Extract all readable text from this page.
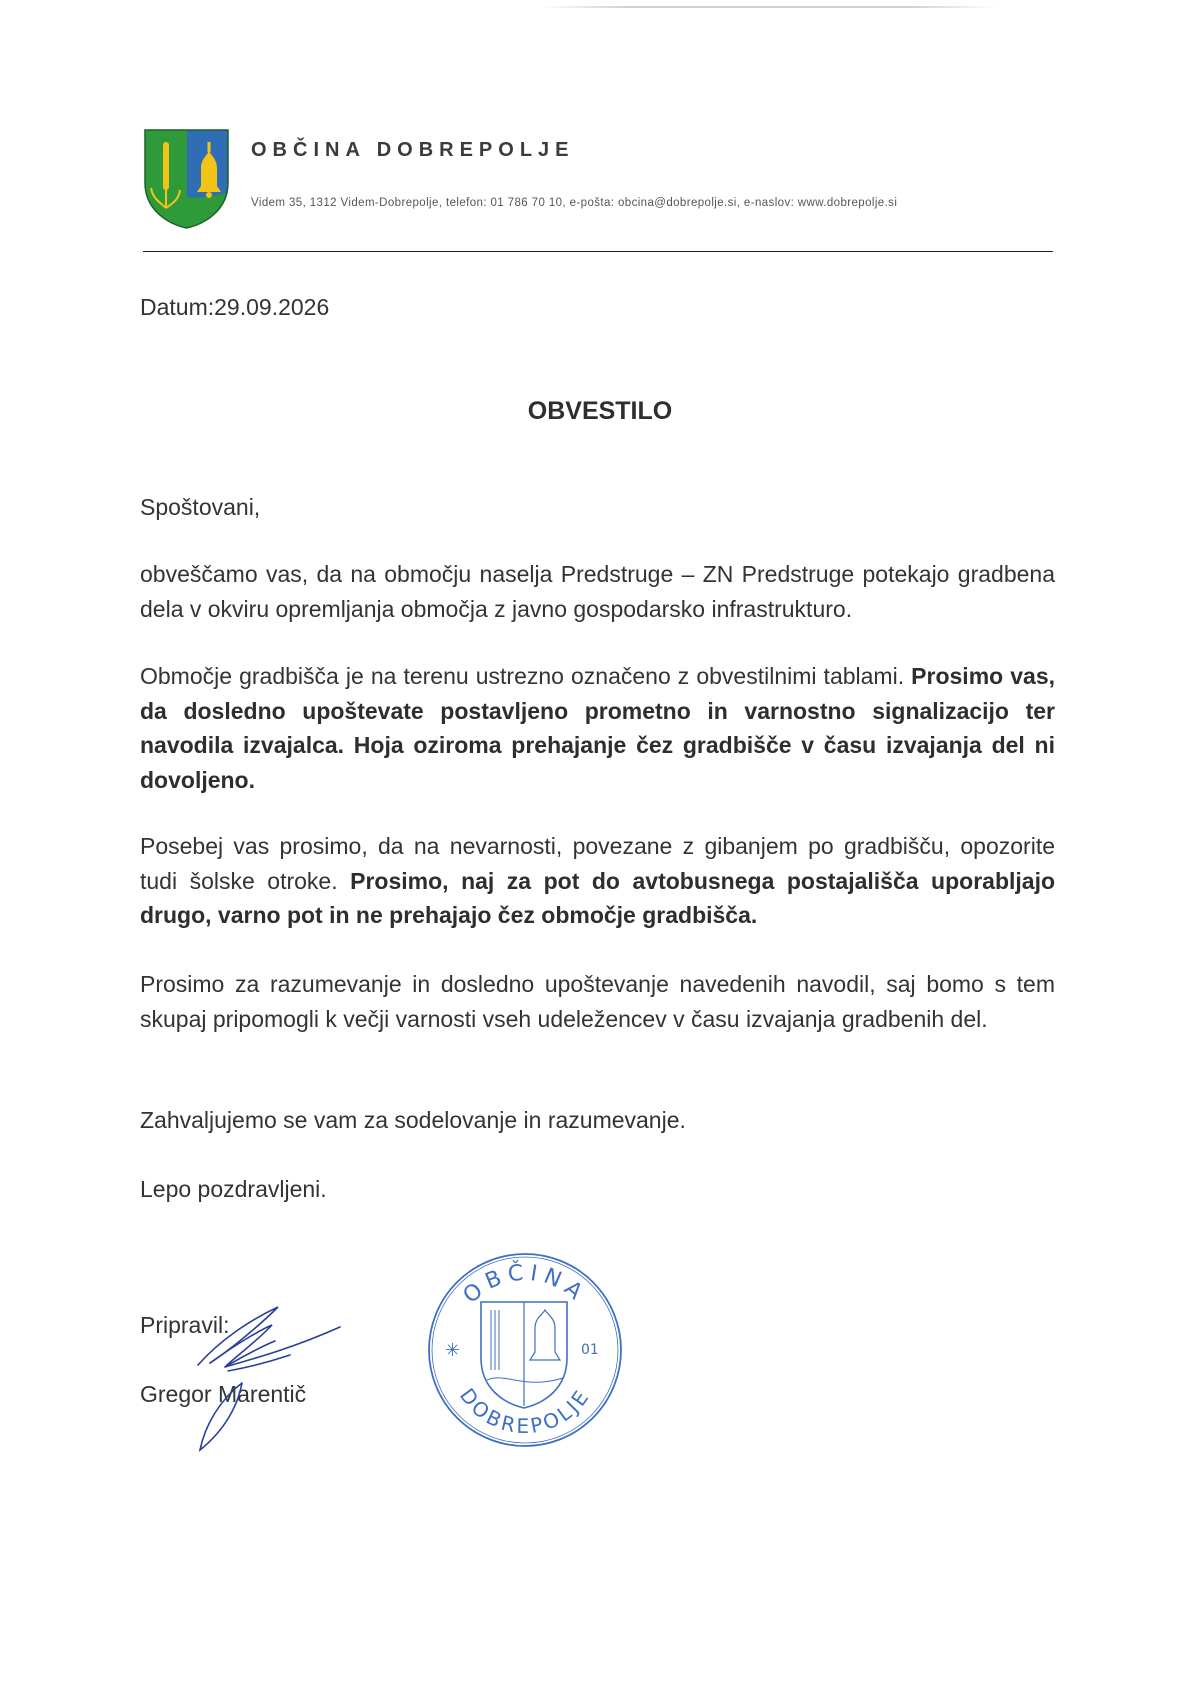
OBČINA DOBREPOLJE
Videm 35, 1312 Videm-Dobrepolje, telefon: 01 786 70 10, e-pošta: obcina@dobrepolje.si, e-naslov: www.dobrepolje.si
Datum:29.09.2026
OBVESTILO

Spoštovani,

obveščamo vas, da na območju naselja Predstruge – ZN Predstruge potekajo gradbena dela v okviru opremljanja območja z javno gospodarsko infrastrukturo.

Območje gradbišča je na terenu ustrezno označeno z obvestilnimi tablami. Prosimo vas, da dosledno upoštevate postavljeno prometno in varnostno signalizacijo ter navodila izvajalca. Hoja oziroma prehajanje čez gradbišče v času izvajanja del ni dovoljeno.

Posebej vas prosimo, da na nevarnosti, povezane z gibanjem po gradbišču, opozorite tudi šolske otroke. Prosimo, naj za pot do avtobusnega postajališča uporabljajo drugo, varno pot in ne prehajajo čez območje gradbišča.

Prosimo za razumevanje in dosledno upoštevanje navedenih navodil, saj bomo s tem skupaj pripomogli k večji varnosti vseh udeležencev v času izvajanja gradbenih del.

Zahvaljujemo se vam za sodelovanje in razumevanje.

Lepo pozdravljeni.

Pripravil:
Gregor Marentič
OBČINA
DOBREPOLJE
✳	01
